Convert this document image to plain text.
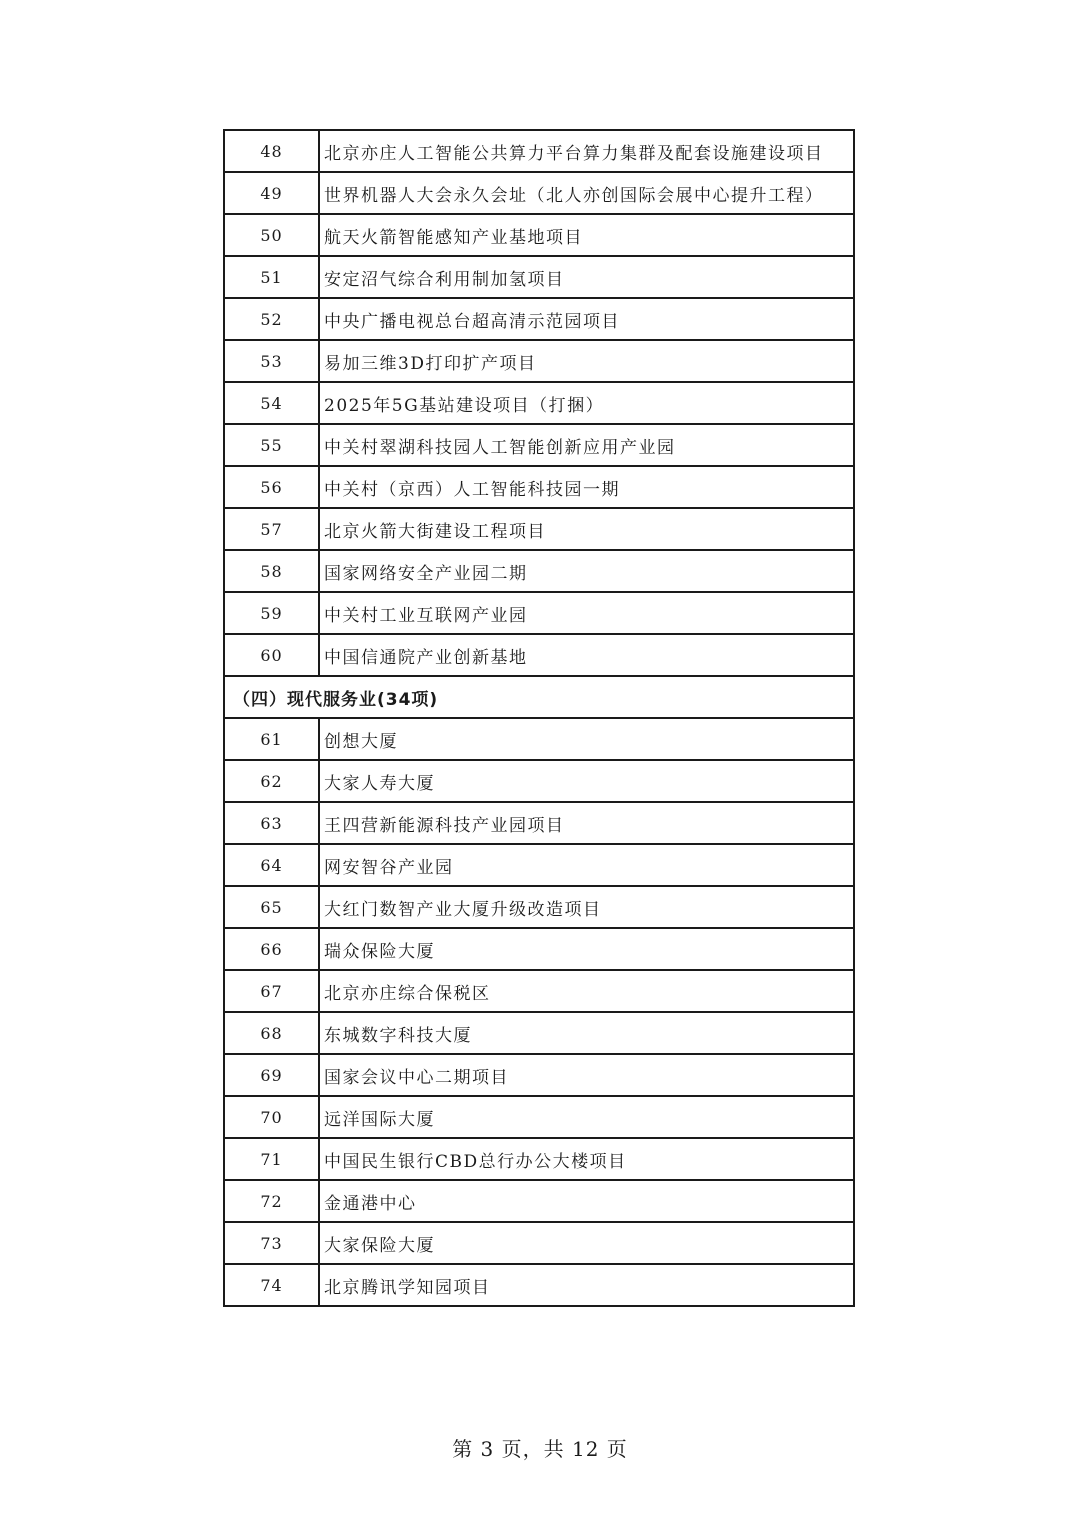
48	北京亦庄人工智能公共算力平台算力集群及配套设施建设项目
49	世界机器人大会永久会址（北人亦创国际会展中心提升工程）
50	航天火箭智能感知产业基地项目
51	安定沼气综合利用制加氢项目
52	中央广播电视总台超高清示范园项目
53	易加三维3D打印扩产项目
54	2025年5G基站建设项目（打捆）
55	中关村翠湖科技园人工智能创新应用产业园
56	中关村（京西）人工智能科技园一期
57	北京火箭大街建设工程项目
58	国家网络安全产业园二期
59	中关村工业互联网产业园
60	中国信通院产业创新基地
（四）现代服务业(34项)	
61	创想大厦
62	大家人寿大厦
63	王四营新能源科技产业园项目
64	网安智谷产业园
65	大红门数智产业大厦升级改造项目
66	瑞众保险大厦
67	北京亦庄综合保税区
68	东城数字科技大厦
69	国家会议中心二期项目
70	远洋国际大厦
71	中国民生银行CBD总行办公大楼项目
72	金通港中心
73	大家保险大厦
74	北京腾讯学知园项目
第 3 页，共 12 页
